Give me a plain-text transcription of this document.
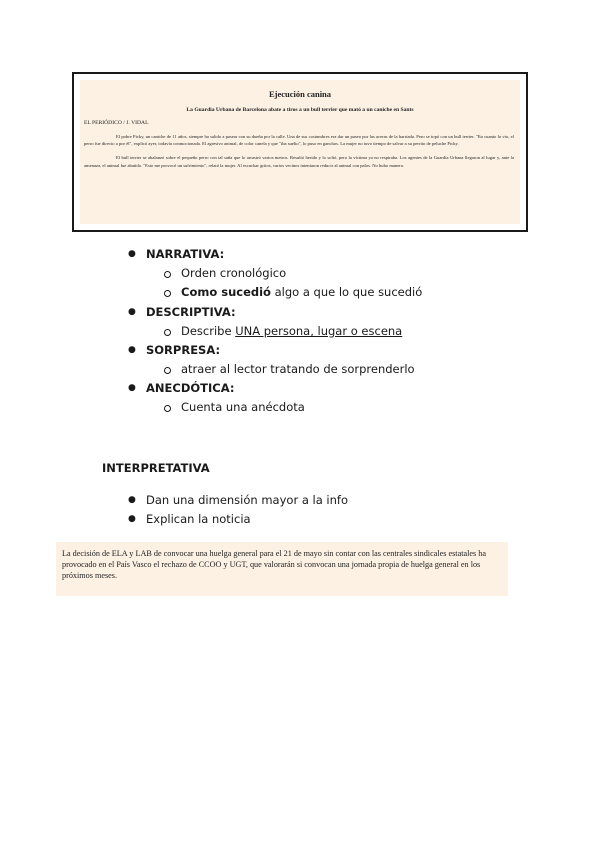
Ejecución canina
La Guardia Urbana de Barcelona abate a tiros a un bull terrier que mató a un caniche en Sants
EL PERIÓDICO / J. VIDAL
El pobre Picky, un caniche de 11 años, siempre ha salido a pasear con su dueña por la calle. Una de sus costumbres era dar un paseo por las aceras de la barriada. Pero se topó con un bull terrier. "En cuanto lo vio, el perro fue directo a por él", explicó ayer, todavía conmocionada. El agresivo animal, de color canela y que "iba suelto", lo puso en ganchos. La mujer no tuvo tiempo de salvar a su perrito de peluche Picky.
El bull terrier se abalanzó sobre el pequeño perro con tal saña que lo arrastró varios metros. Resultó herido y lo soltó, pero la víctima ya no respiraba. Los agentes de la Guardia Urbana llegaron al lugar y, ante la amenaza, el animal fue abatido. "Esto me provocó un sufrimiento", relató la mujer. Al escuchar gritos, varios vecinos intentaron reducir al animal con palos. No hubo manera.
● NARRATIVA:
Orden cronológico
Como sucedió algo a que lo que sucedió
● DESCRIPTIVA:
Describe UNA persona, lugar o escena
● SORPRESA:
atraer al lector tratando de sorprenderlo
● ANECDÓTICA:
Cuenta una anécdota
INTERPRETATIVA
● Dan una dimensión mayor a la info
● Explican la noticia
La decisión de ELA y LAB de convocar una huelga general para el 21 de mayo sin contar con las centrales sindicales estatales ha provocado en el País Vasco el rechazo de CCOO y UGT, que valorarán si convocan una jornada propia de huelga general en los próximos meses.
